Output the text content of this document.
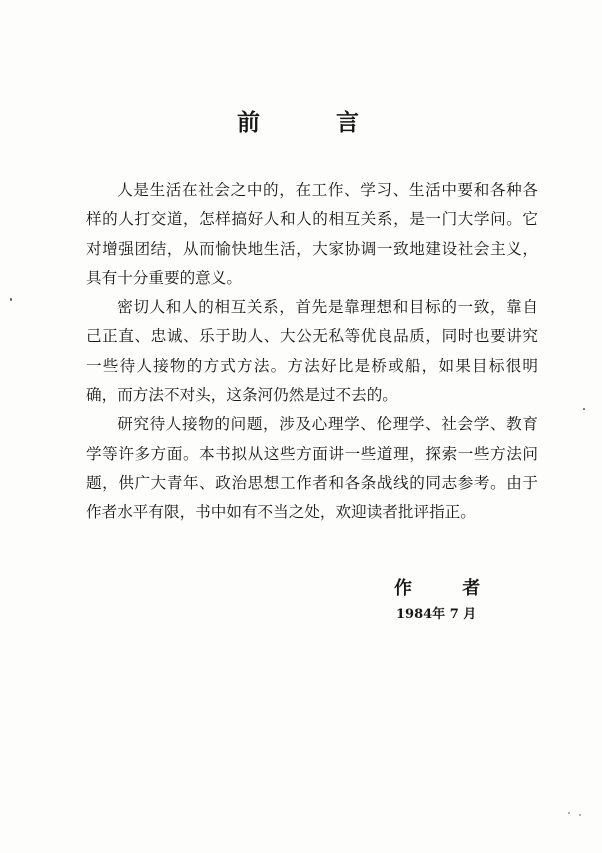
前 言

人是生活在社会之中的，在工作、学习、生活中要和各种各样的人打交道，怎样搞好人和人的相互关系，是一门大学问。它对增强团结，从而愉快地生活，大家协调一致地建设社会主义，具有十分重要的意义。

密切人和人的相互关系，首先是靠理想和目标的一致，靠自己正直、忠诚、乐于助人、大公无私等优良品质，同时也要讲究一些待人接物的方式方法。方法好比是桥或船，如果目标很明确，而方法不对头，这条河仍然是过不去的。

研究待人接物的问题，涉及心理学、伦理学、社会学、教育学等许多方面。本书拟从这些方面讲一些道理，探索一些方法问题，供广大青年、政治思想工作者和各条战线的同志参考。由于作者水平有限，书中如有不当之处，欢迎读者批评指正。

作 者
1984年 7 月
